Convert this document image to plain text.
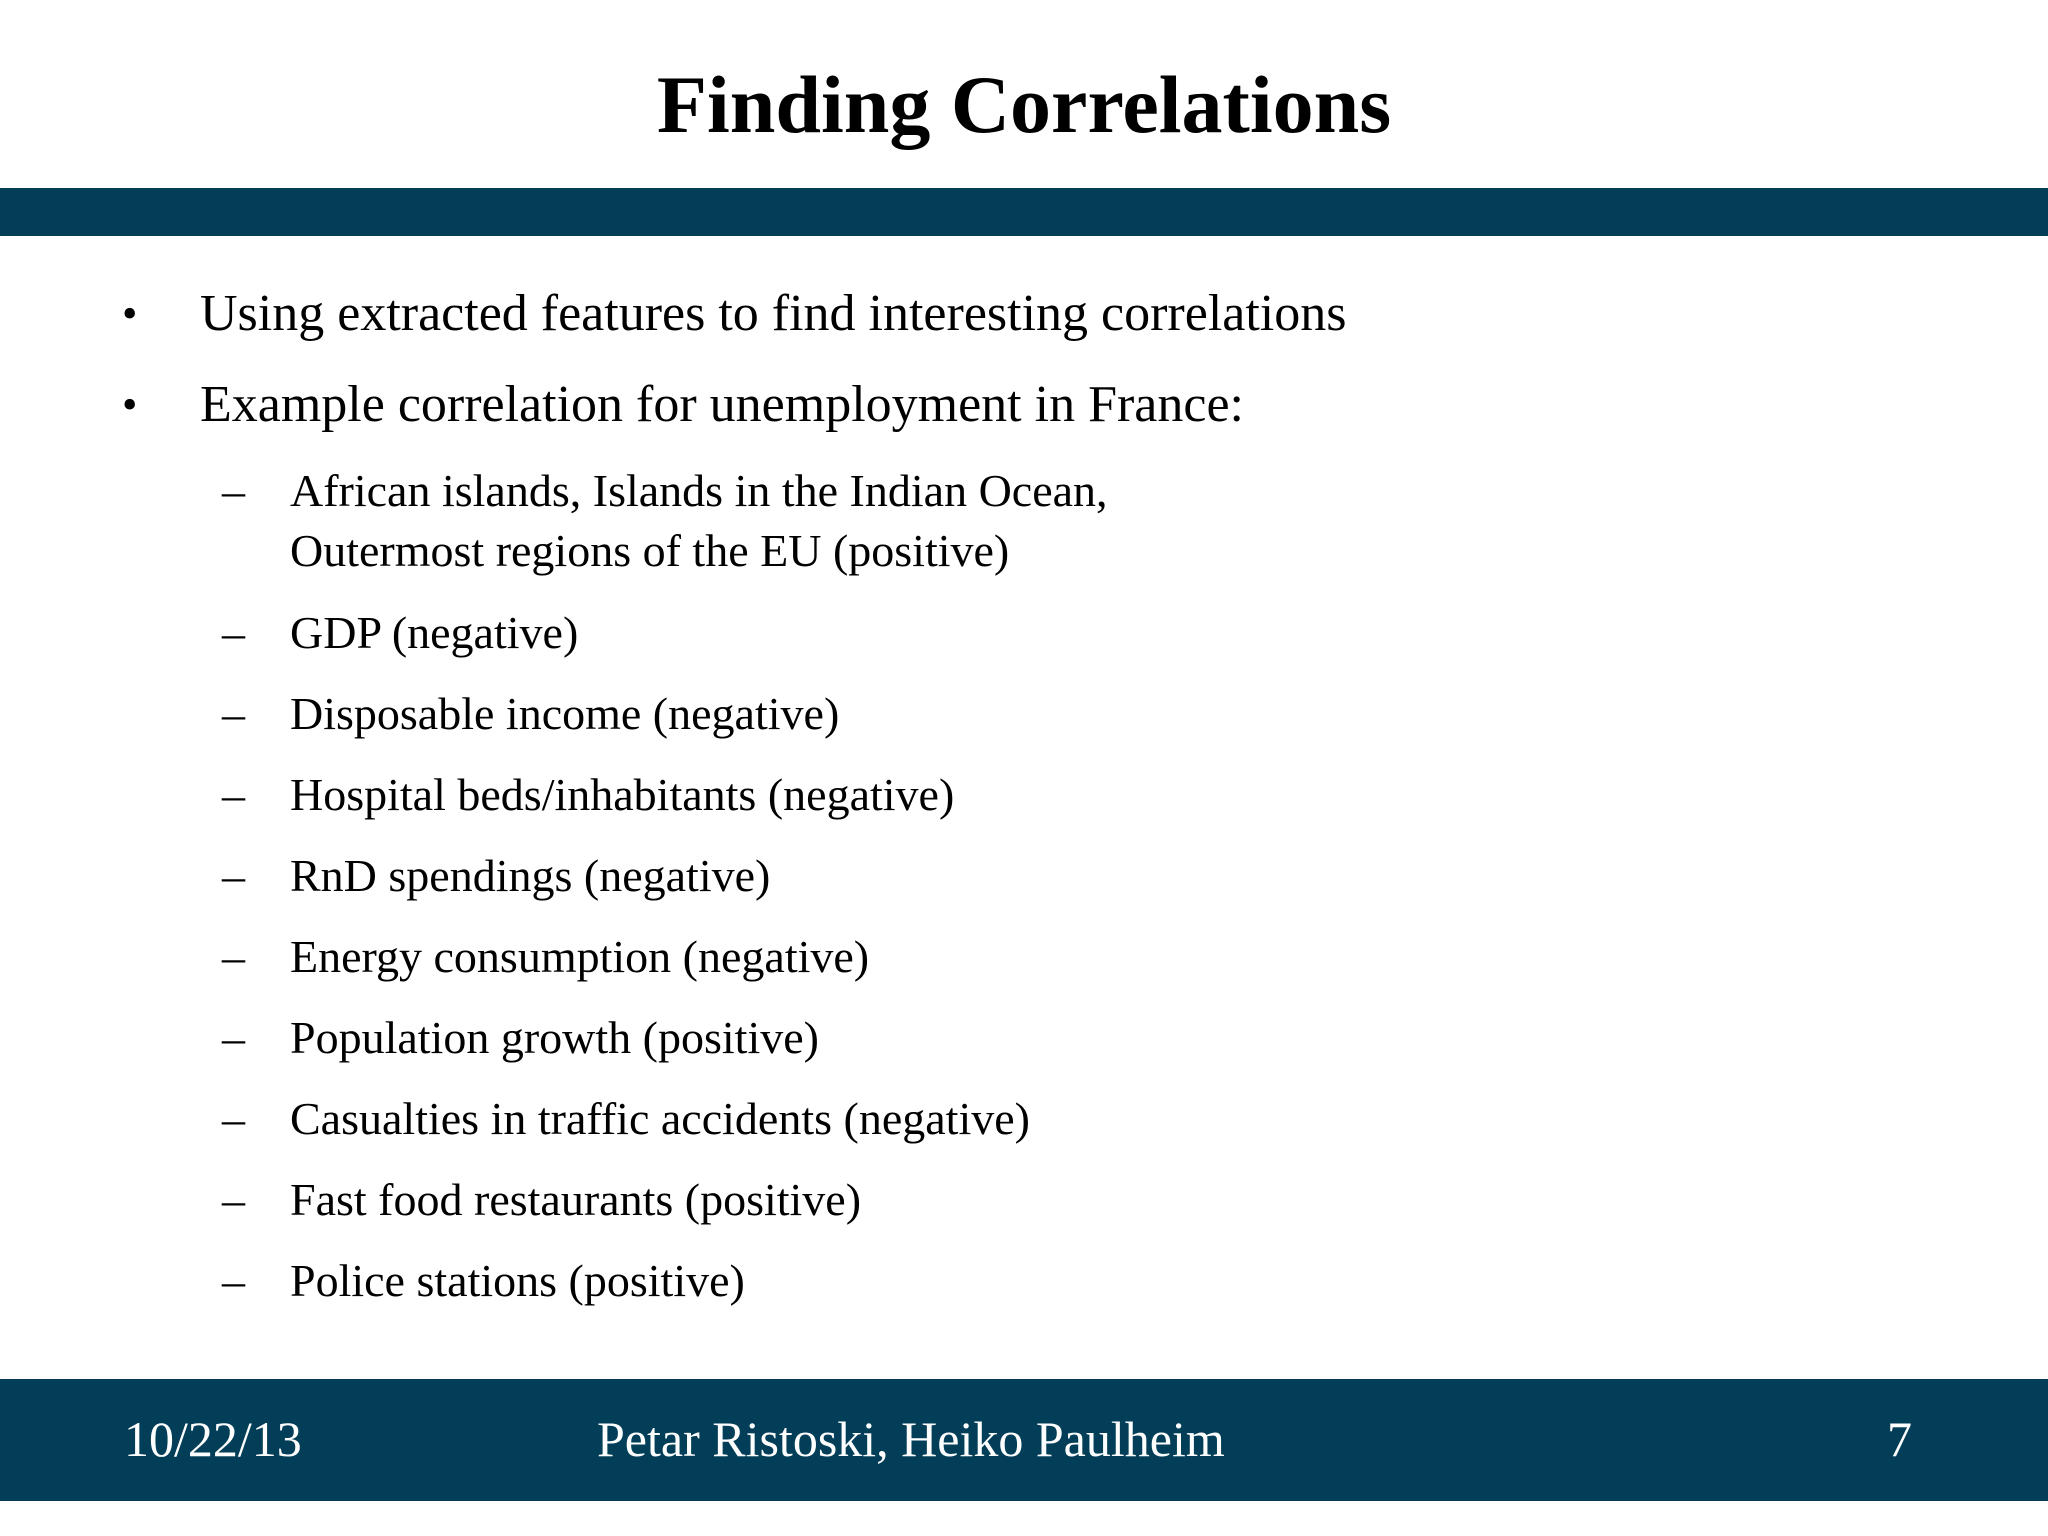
Finding Correlations
• Using extracted features to find interesting correlations
• Example correlation for unemployment in France:
– African islands, Islands in the Indian Ocean,
Outermost regions of the EU (positive)
– GDP (negative)
– Disposable income (negative)
– Hospital beds/inhabitants (negative)
– RnD spendings (negative)
– Energy consumption (negative)
– Population growth (positive)
– Casualties in traffic accidents (negative)
– Fast food restaurants (positive)
– Police stations (positive)
10/22/13	Petar Ristoski, Heiko Paulheim	7
